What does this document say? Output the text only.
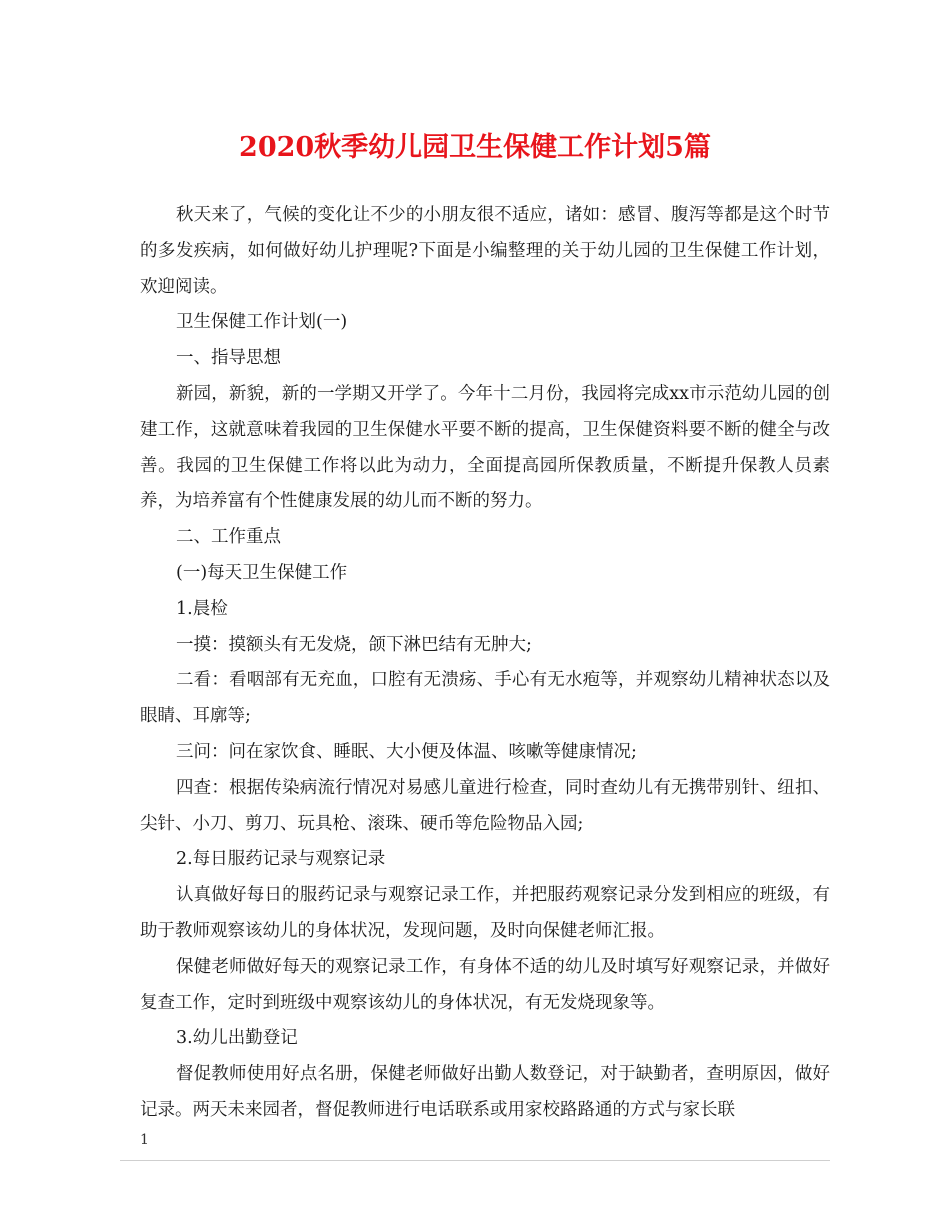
2020秋季幼儿园卫生保健工作计划5篇

秋天来了，气候的变化让不少的小朋友很不适应，诸如：感冒、腹泻等都是这个时节的多发疾病，如何做好幼儿护理呢?下面是小编整理的关于幼儿园的卫生保健工作计划，欢迎阅读。

卫生保健工作计划(一)

一、指导思想

新园，新貌，新的一学期又开学了。今年十二月份，我园将完成xx市示范幼儿园的创建工作，这就意味着我园的卫生保健水平要不断的提高，卫生保健资料要不断的健全与改善。我园的卫生保健工作将以此为动力，全面提高园所保教质量，不断提升保教人员素养，为培养富有个性健康发展的幼儿而不断的努力。

二、工作重点

(一)每天卫生保健工作

1.晨检

一摸：摸额头有无发烧，颌下淋巴结有无肿大;

二看：看咽部有无充血，口腔有无溃疡、手心有无水疱等，并观察幼儿精神状态以及眼睛、耳廓等;

三问：问在家饮食、睡眠、大小便及体温、咳嗽等健康情况;

四查：根据传染病流行情况对易感儿童进行检查，同时查幼儿有无携带别针、纽扣、尖针、小刀、剪刀、玩具枪、滚珠、硬币等危险物品入园;

2.每日服药记录与观察记录

认真做好每日的服药记录与观察记录工作，并把服药观察记录分发到相应的班级，有助于教师观察该幼儿的身体状况，发现问题，及时向保健老师汇报。

保健老师做好每天的观察记录工作，有身体不适的幼儿及时填写好观察记录，并做好复查工作，定时到班级中观察该幼儿的身体状况，有无发烧现象等。

3.幼儿出勤登记

督促教师使用好点名册，保健老师做好出勤人数登记，对于缺勤者，查明原因，做好记录。两天未来园者，督促教师进行电话联系或用家校路路通的方式与家长联

1
